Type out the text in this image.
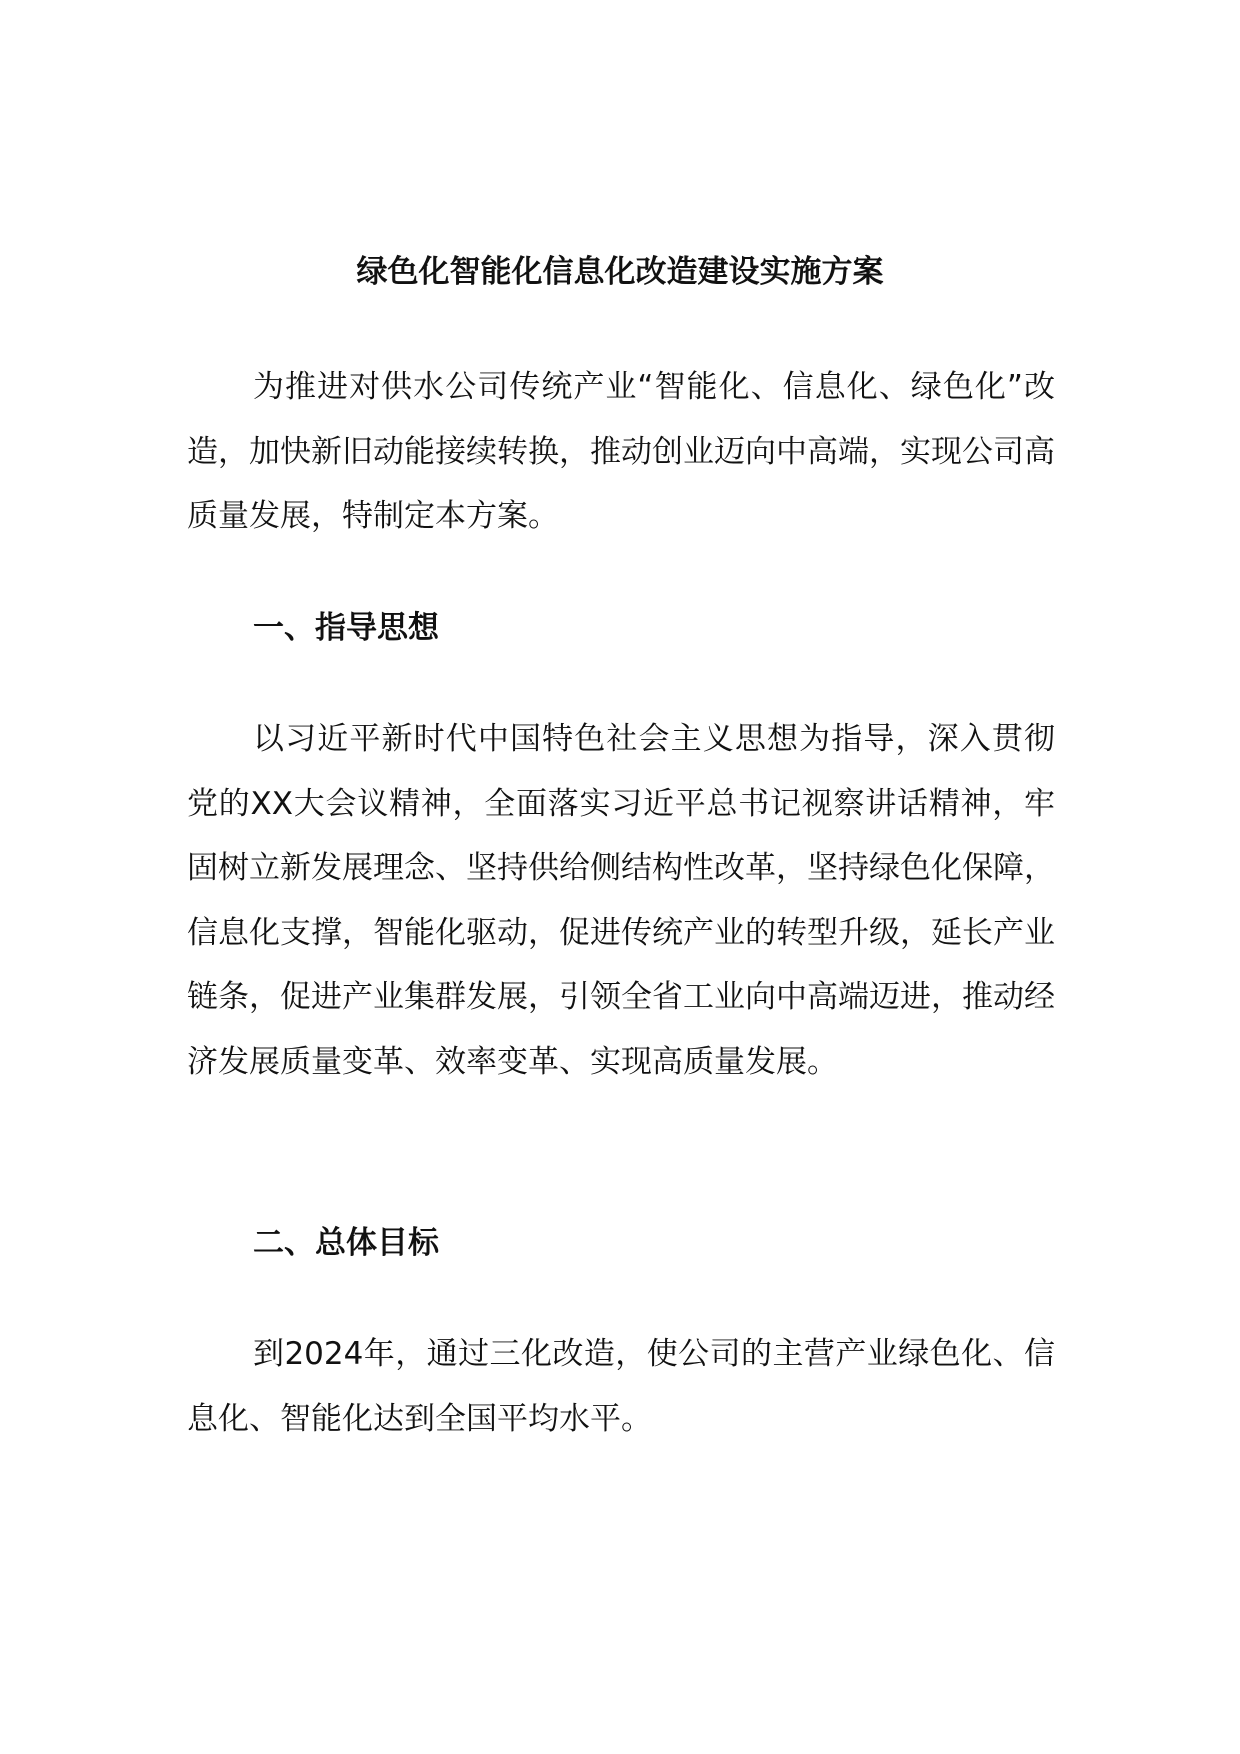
绿色化智能化信息化改造建设实施方案

为推进对供水公司传统产业“智能化、信息化、绿色化”改造，加快新旧动能接续转换，推动创业迈向中高端，实现公司高质量发展，特制定本方案。

一、指导思想

以习近平新时代中国特色社会主义思想为指导，深入贯彻党的XX大会议精神，全面落实习近平总书记视察讲话精神，牢固树立新发展理念、坚持供给侧结构性改革，坚持绿色化保障，信息化支撑，智能化驱动，促进传统产业的转型升级，延长产业链条，促进产业集群发展，引领全省工业向中高端迈进，推动经济发展质量变革、效率变革、实现高质量发展。

二、总体目标

到2024年，通过三化改造，使公司的主营产业绿色化、信息化、智能化达到全国平均水平。
